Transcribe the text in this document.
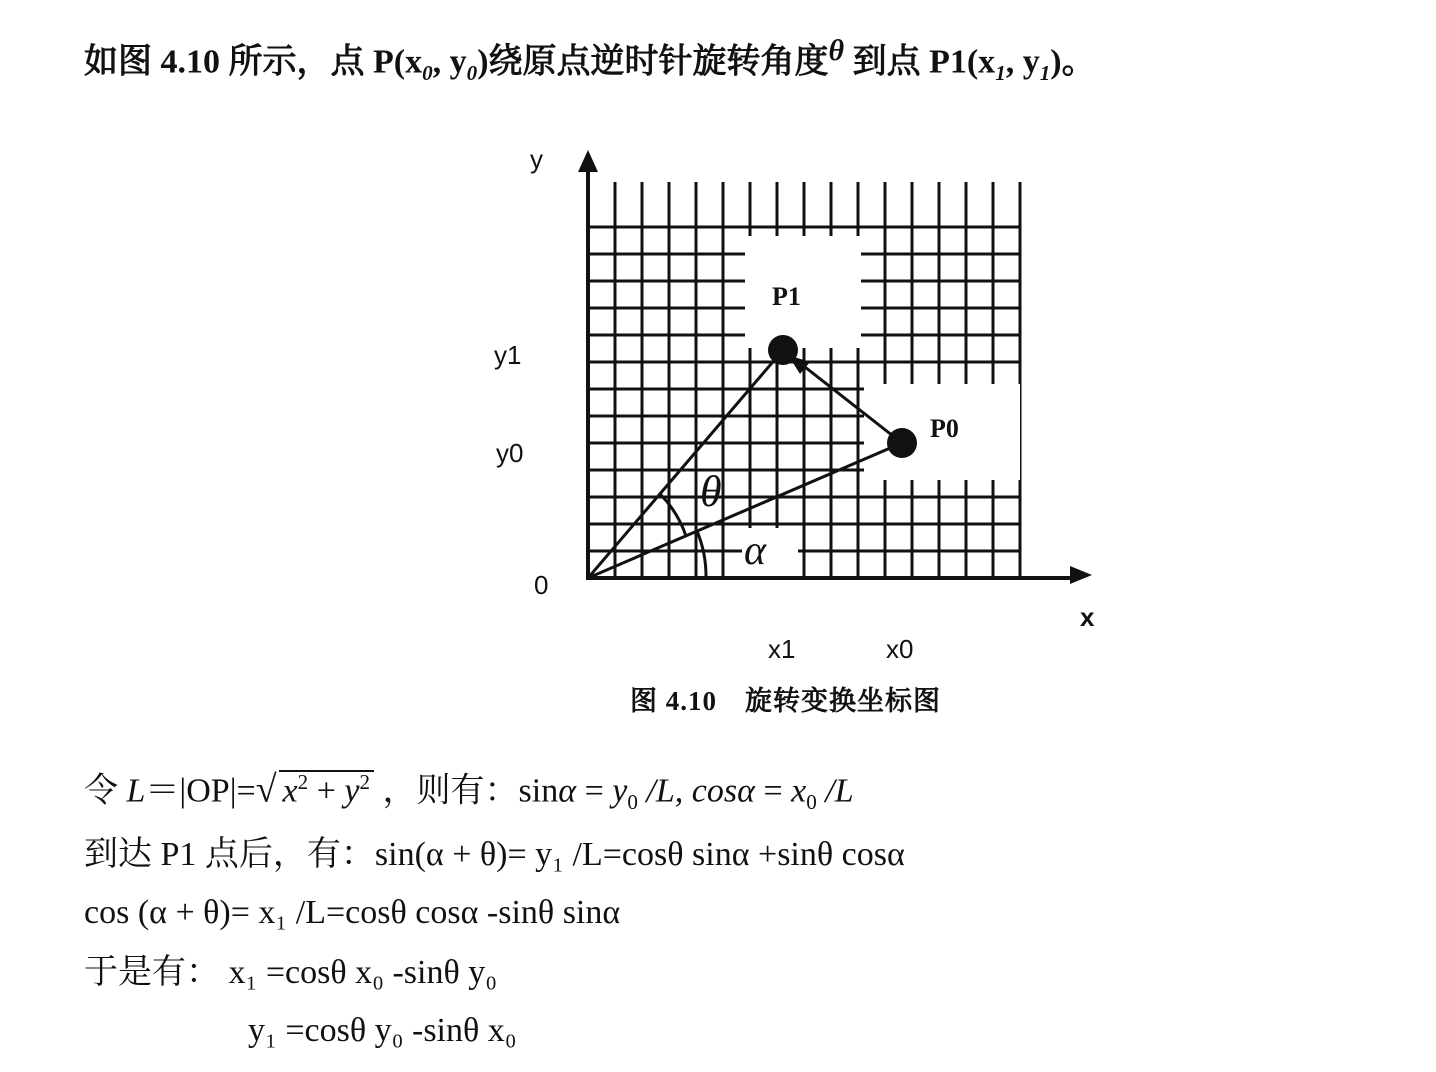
如图 4.10 所示，点 $P(x_0$, $y_0$)绕原点逆时针旋转角度$^\theta$ 到点 $P1(x_1$, $y_1$)。
y
x
0
y1
y0
x1	x0
P1
P0
θ
α
图 4.10　旋转变换坐标图
令 L＝|OP|=√ $x^2 + y^2$ ，则有：$\sin\alpha = y_0$ /L, $\cos\alpha = x_0$ /L
到达 P1 点后，有：sin(α + θ)= y₁ /L=cosθ sinα +sinθ cosα
cos (α + θ)= x₁ /L=cosθ cosα -sinθ sinα
于是有： x₁ =cosθ x₀ -sinθ y₀
y₁ =cosθ y₀ -sinθ x₀
